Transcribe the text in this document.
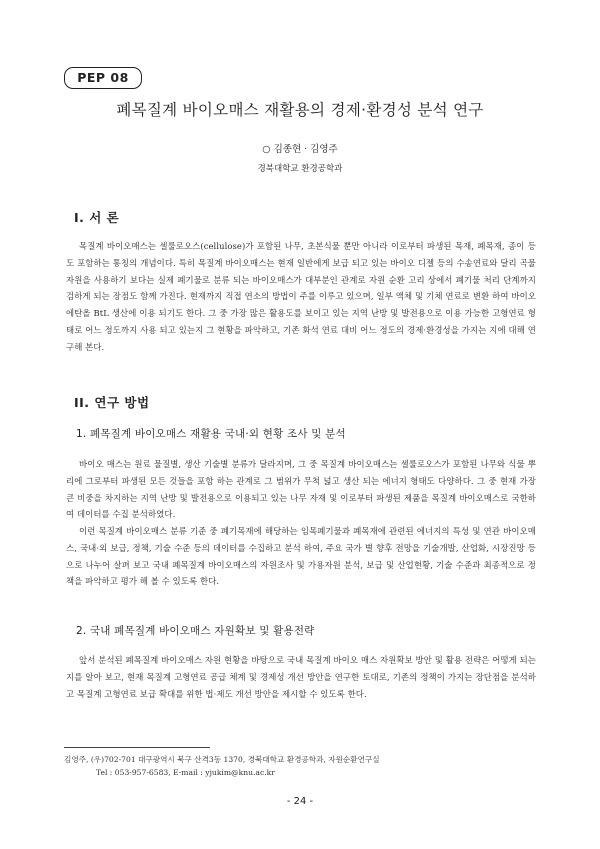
PEP 08
폐목질계 바이오매스 재활용의 경제·환경성 분석 연구
○ 김종현 · 김영주
경북대학교 환경공학과
I. 서 론
목질계 바이오매스는 셀룰로오스(cellulose)가 포함된 나무, 초본식물 뿐만 아니라 이로부터 파생된 목재, 폐목재, 종이 등도 포함하는 통칭의 개념이다. 특히 목질계 바이오매스는 현재 일반에게 보급 되고 있는 바이오 디젤 등의 수송연료와 달리 곡물 자원을 사용하기 보다는 실제 폐기물로 분류 되는 바이오매스가 대부분인 관계로 자원 순환 고리 상에서 폐기물 처리 단계까지 검하게 되는 장점도 함께 가진다. 현재까지 직접 연소의 방법이 주를 이루고 있으며, 일부 액체 및 기체 연료로 변환 하여 바이오 에탄올 BtL 생산에 이용 되기도 한다. 그 중 가장 많은 활용도를 보이고 있는 지역 난방 및 발전용으로 이용 가능한 고형연료 형태로 어느 정도까지 사용 되고 있는지 그 현황을 파악하고, 기존 화석 연료 대비 어느 정도의 경제·환경성을 가지는 지에 대해 연구해 본다.
II. 연구 방법
1. 폐목질계 바이오매스 재활용 국내·외 현황 조사 및 분석
바이오 매스는 원료 물질별, 생산 기술별 분류가 달라지며, 그 중 목질계 바이오매스는 셀룰로오스가 포함된 나무와 식물 뿌리에 그로부터 파생된 모든 것들을 포함 하는 관계로 그 범위가 무척 넓고 생산 되는 에너지 형태도 다양하다. 그 중 현재 가장 큰 비중을 차지하는 지역 난방 및 발전용으로 이용되고 있는 나무 자재 및 이로부터 파생된 제품을 목질계 바이오매스로 국한하여 데이터를 수집 분석하였다.
이런 목질계 바이오매스 분류 기준 중 폐기목재에 해당하는 임목폐기물과 폐목재에 관련된 에너지의 특성 및 연관 바이오매스, 국내·외 보급, 정책, 기술 수준 등의 데이터를 수집하고 분석 하여, 주요 국가 별 향후 전망을 기술개발, 산업화, 시장진망 등으로 나누어 살펴 보고 국내 폐목질계 바이오매스의 자원조사 및 가용자원 분석, 보급 및 산업현황, 기술 수준과 최종적으로 정책을 파악하고 평가 해 볼 수 있도록 한다.
2. 국내 폐목질계 바이오매스 자원확보 및 활용전략
앞서 분석된 폐목질계 바이오매스 자원 현황을 바탕으로 국내 목질계 바이오 매스 자원확보 방안 및 활용 전략은 어떻게 되는지를 알아 보고, 현재 목질계 고형연료 공급 체계 및 경제성 개선 방안을 연구한 토대로, 기존의 정책이 가지는 장단점을 분석하고 목질계 고형연료 보급 확대를 위한 법·제도 개선 방안을 제시할 수 있도록 한다.
김영주, (우)702-701 대구광역시 북구 산격3동 1370, 경북대학교 환경공학과, 자원순환연구실
Tel : 053-957-6583, E-mail : yjukim@knu.ac.kr
- 24 -
